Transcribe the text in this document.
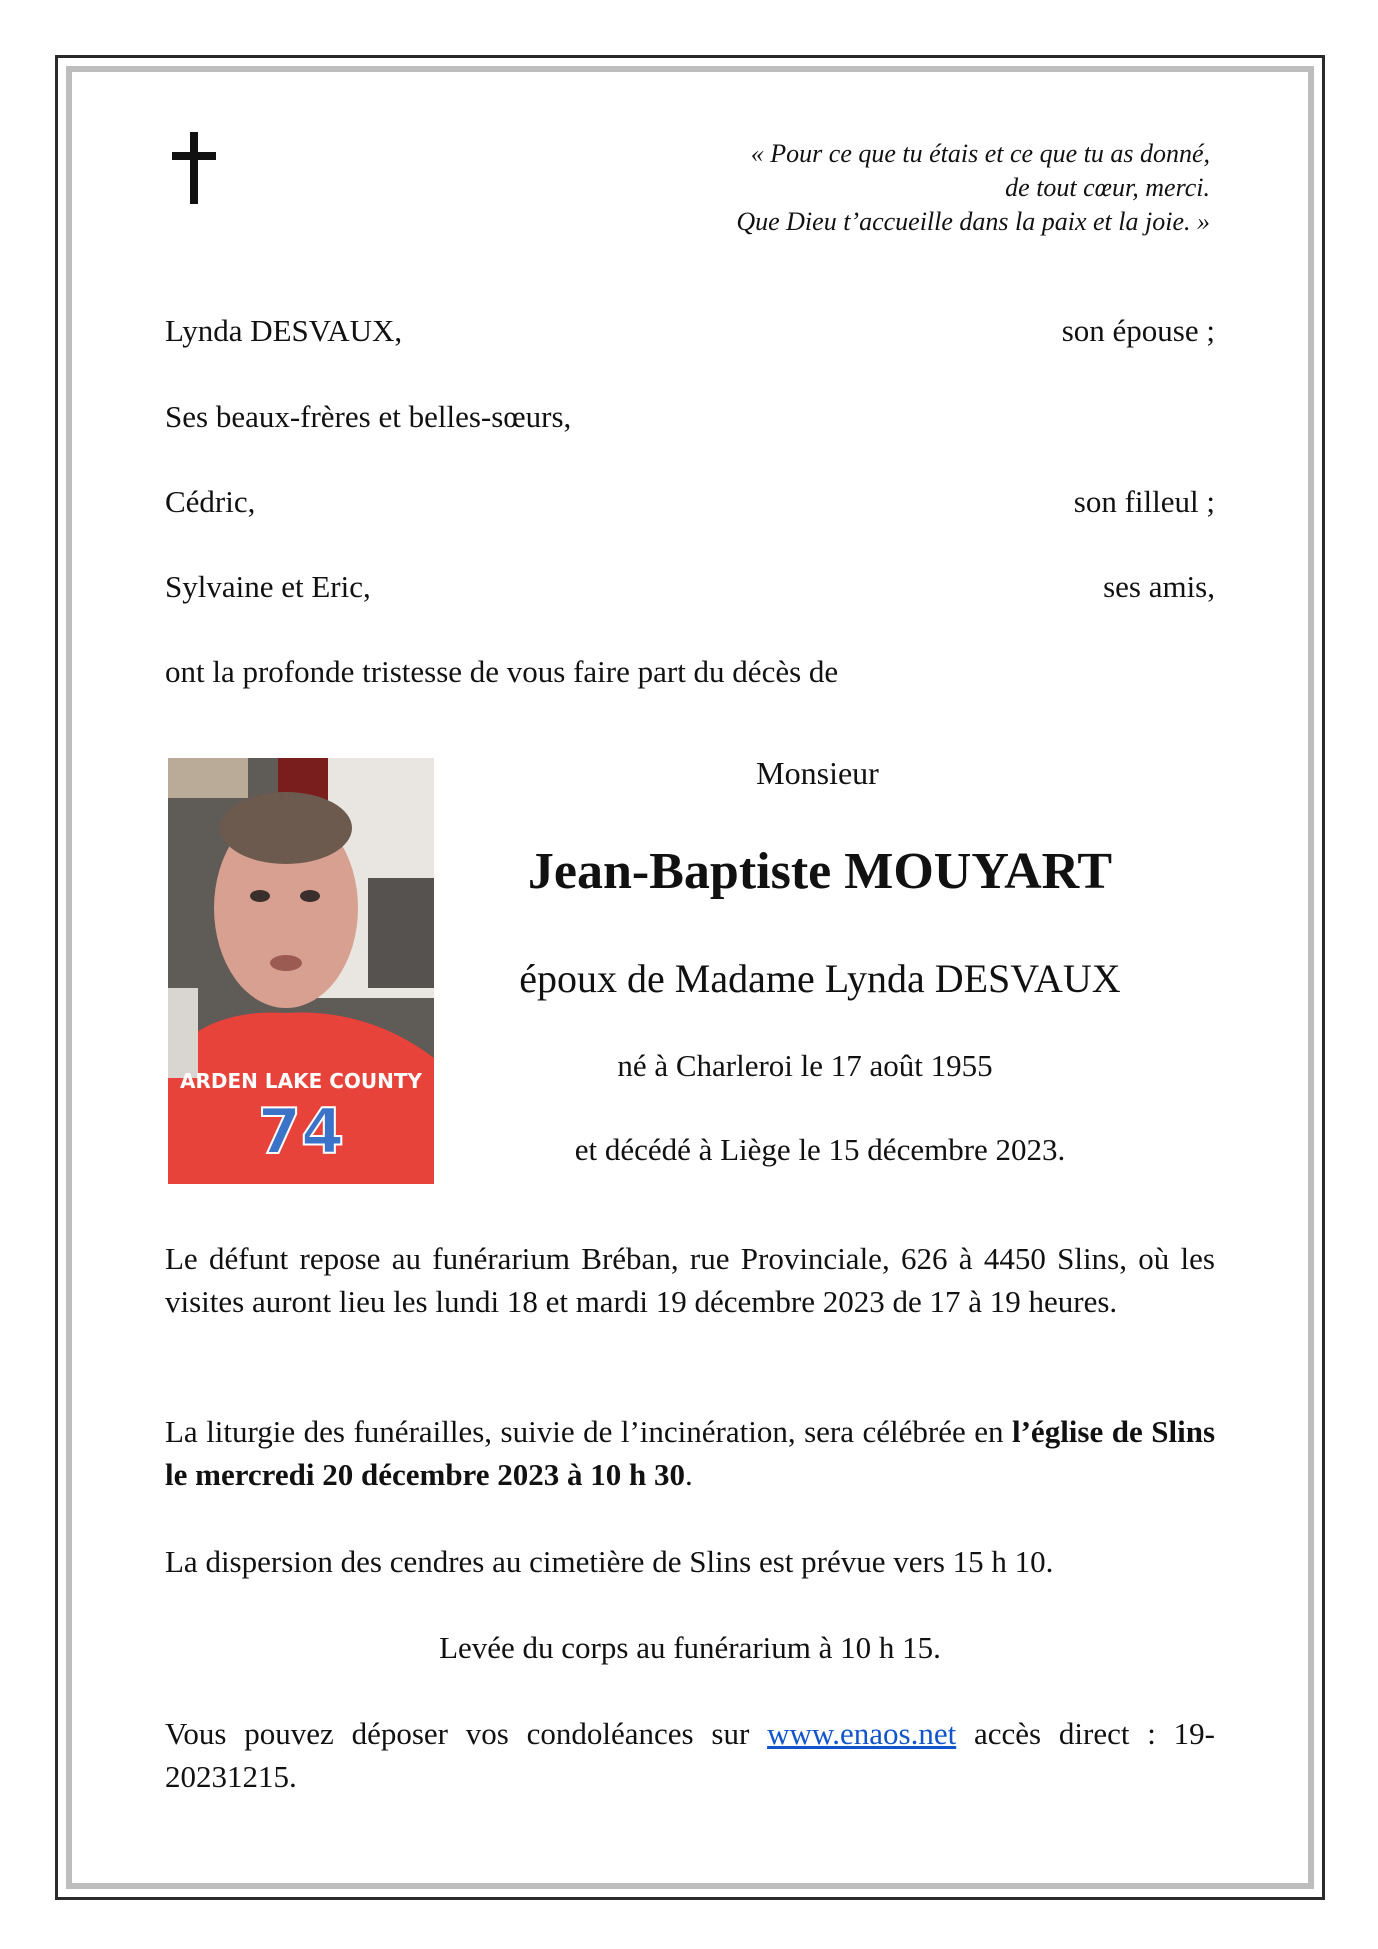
« Pour ce que tu étais et ce que tu as donné,
de tout cœur, merci.
Que Dieu t’accueille dans la paix et la joie. »
Lynda DESVAUX,	son épouse ;
Ses beaux-frères et belles-sœurs,
Cédric,	son filleul ;
Sylvaine et Eric,	ses amis,
ont la profonde tristesse de vous faire part du décès de
ARDEN LAKE COUNTY
74
Monsieur
Jean-Baptiste MOUYART
époux de Madame Lynda DESVAUX
né à Charleroi le 17 août 1955
et décédé à Liège le 15 décembre 2023.
Le défunt repose au funérarium Bréban, rue Provinciale, 626 à 4450 Slins, où les visites auront lieu les lundi 18 et mardi 19 décembre 2023 de 17 à 19 heures.
La liturgie des funérailles, suivie de l’incinération, sera célébrée en l’église de Slins le mercredi 20 décembre 2023 à 10 h 30.
La dispersion des cendres au cimetière de Slins est prévue vers 15 h 10.
Levée du corps au funérarium à 10 h 15.
Vous pouvez déposer vos condoléances sur www.enaos.net accès direct : 19-20231215.
